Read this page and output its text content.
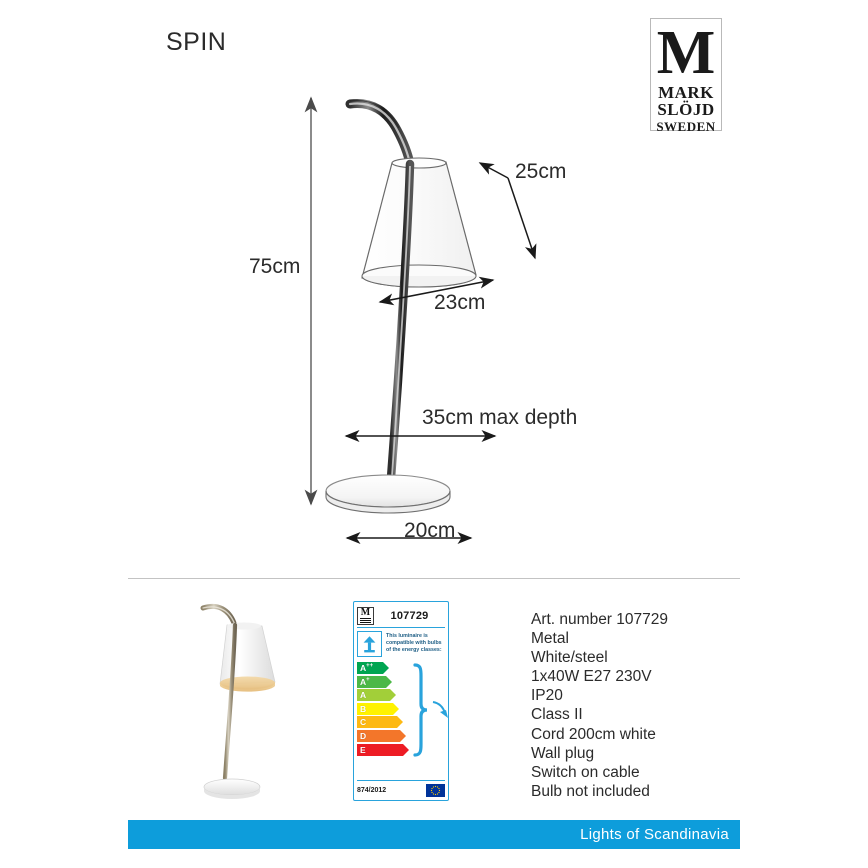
SPIN	M
MARK
SLÖJD
SWEDEN
75cm
25cm
23cm
35cm max depth
20cm
M	107729
This luminaire is compatible with bulbs of the energy classes:
A++
A+
A
B
C
D
E
874/2012
Art. number 107729
Metal
White/steel
1x40W E27 230V
IP20
Class II
Cord 200cm white
Wall plug
Switch on cable
Bulb not included
Lights of Scandinavia
